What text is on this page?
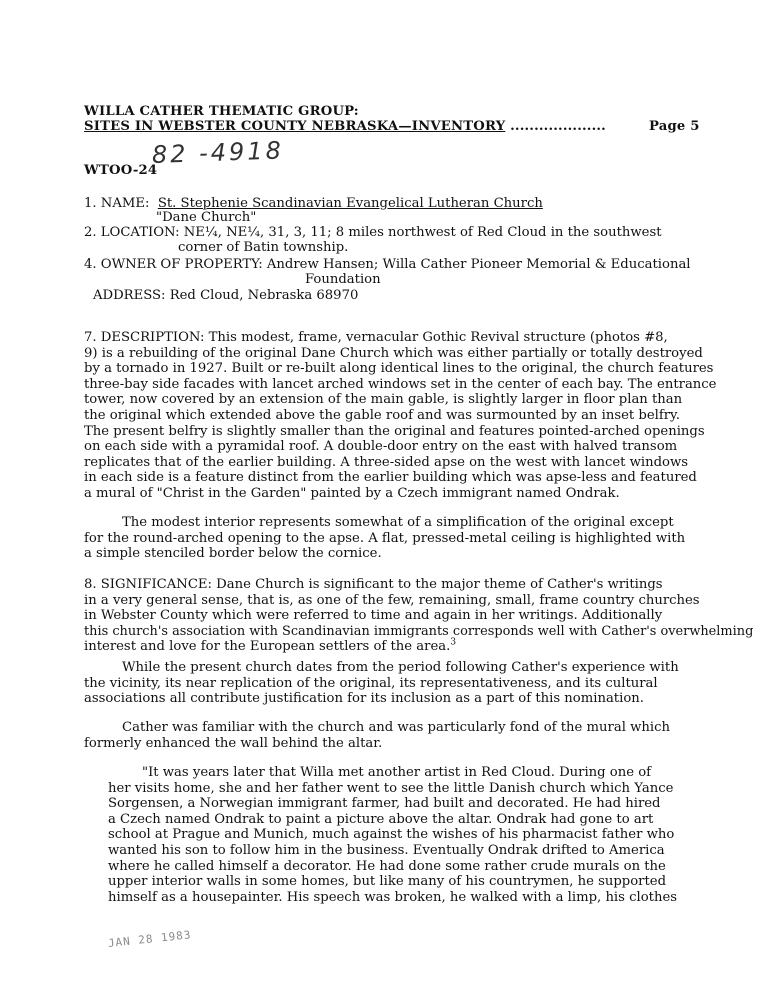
WILLA CATHER THEMATIC GROUP:
SITES IN WEBSTER COUNTY NEBRASKA—INVENTORY ....................	Page 5
WTOO-24
82 -4918
1. NAME: St. Stephenie Scandinavian Evangelical Lutheran Church
"Dane Church"
2. LOCATION: NE¼, NE¼, 31, 3, 11; 8 miles northwest of Red Cloud in the southwest
corner of Batin township.
4. OWNER OF PROPERTY: Andrew Hansen; Willa Cather Pioneer Memorial & Educational
Foundation
ADDRESS: Red Cloud, Nebraska 68970
7. DESCRIPTION: This modest, frame, vernacular Gothic Revival structure (photos #8,
9) is a rebuilding of the original Dane Church which was either partially or totally destroyed
by a tornado in 1927. Built or re-built along identical lines to the original, the church features
three-bay side facades with lancet arched windows set in the center of each bay. The entrance
tower, now covered by an extension of the main gable, is slightly larger in floor plan than
the original which extended above the gable roof and was surmounted by an inset belfry.
The present belfry is slightly smaller than the original and features pointed-arched openings
on each side with a pyramidal roof. A double-door entry on the east with halved transom
replicates that of the earlier building. A three-sided apse on the west with lancet windows
in each side is a feature distinct from the earlier building which was apse-less and featured
a mural of "Christ in the Garden" painted by a Czech immigrant named Ondrak.
The modest interior represents somewhat of a simplification of the original except
for the round-arched opening to the apse. A flat, pressed-metal ceiling is highlighted with
a simple stenciled border below the cornice.
8. SIGNIFICANCE: Dane Church is significant to the major theme of Cather's writings
in a very general sense, that is, as one of the few, remaining, small, frame country churches
in Webster County which were referred to time and again in her writings. Additionally
this church's association with Scandinavian immigrants corresponds well with Cather's overwhelming
interest and love for the European settlers of the area.$^3$
While the present church dates from the period following Cather's experience with
the vicinity, its near replication of the original, its representativeness, and its cultural
associations all contribute justification for its inclusion as a part of this nomination.
Cather was familiar with the church and was particularly fond of the mural which
formerly enhanced the wall behind the altar.
"It was years later that Willa met another artist in Red Cloud. During one of
her visits home, she and her father went to see the little Danish church which Yance
Sorgensen, a Norwegian immigrant farmer, had built and decorated. He had hired
a Czech named Ondrak to paint a picture above the altar. Ondrak had gone to art
school at Prague and Munich, much against the wishes of his pharmacist father who
wanted his son to follow him in the business. Eventually Ondrak drifted to America
where he called himself a decorator. He had done some rather crude murals on the
upper interior walls in some homes, but like many of his countrymen, he supported
himself as a housepainter. His speech was broken, he walked with a limp, his clothes
JAN 28 1983
